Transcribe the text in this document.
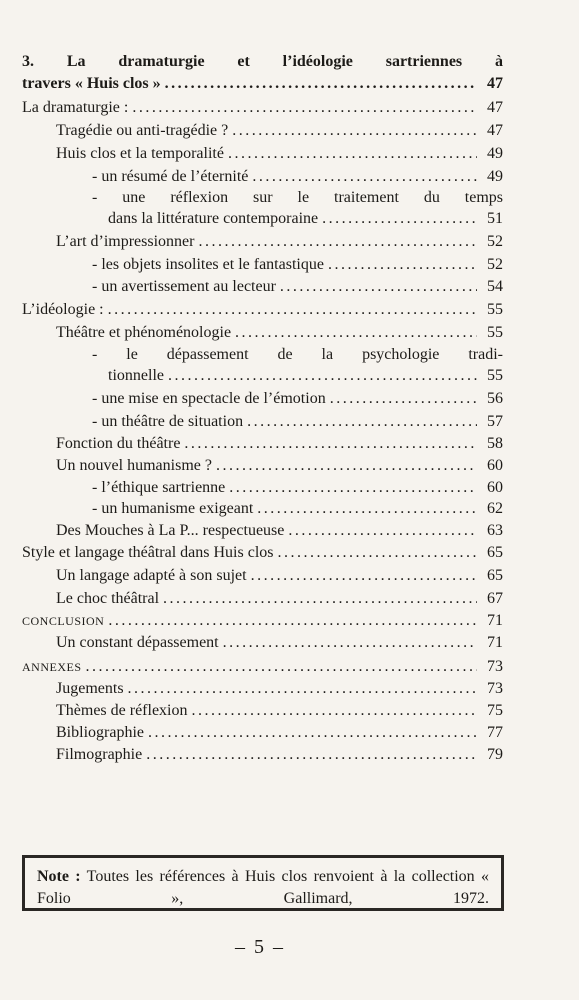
3. La dramaturgie et l’idéologie sartriennes à
travers « Huis clos » .....	47
La dramaturgie : .....	47
Tragédie ou anti-tragédie ? .....	47
Huis clos et la temporalité .....	49
- un résumé de l’éternité .....	49
- une réflexion sur le traitement du temps
dans la littérature contemporaine .....	51
L’art d’impressionner .....	52
- les objets insolites et le fantastique .....	52
- un avertissement au lecteur .....	54
L’idéologie : .....	55
Théâtre et phénoménologie .....	55
- le dépassement de la psychologie tradi-
tionnelle .....	55
- une mise en spectacle de l’émotion .....	56
- un théâtre de situation .....	57
Fonction du théâtre .....	58
Un nouvel humanisme ? .....	60
- l’éthique sartrienne .....	60
- un humanisme exigeant .....	62
Des Mouches à La P... respectueuse .....	63
Style et langage théâtral dans Huis clos .....	65
Un langage adapté à son sujet .....	65
Le choc théâtral .....	67
CONCLUSION .....	71
Un constant dépassement .....	71
ANNEXES .....	73
Jugements .....	73
Thèmes de réflexion .....	75
Bibliographie .....	77
Filmographie .....	79
Note : Toutes les références à Huis clos renvoient à la collection « Folio », Gallimard, 1972.
– 5 –
